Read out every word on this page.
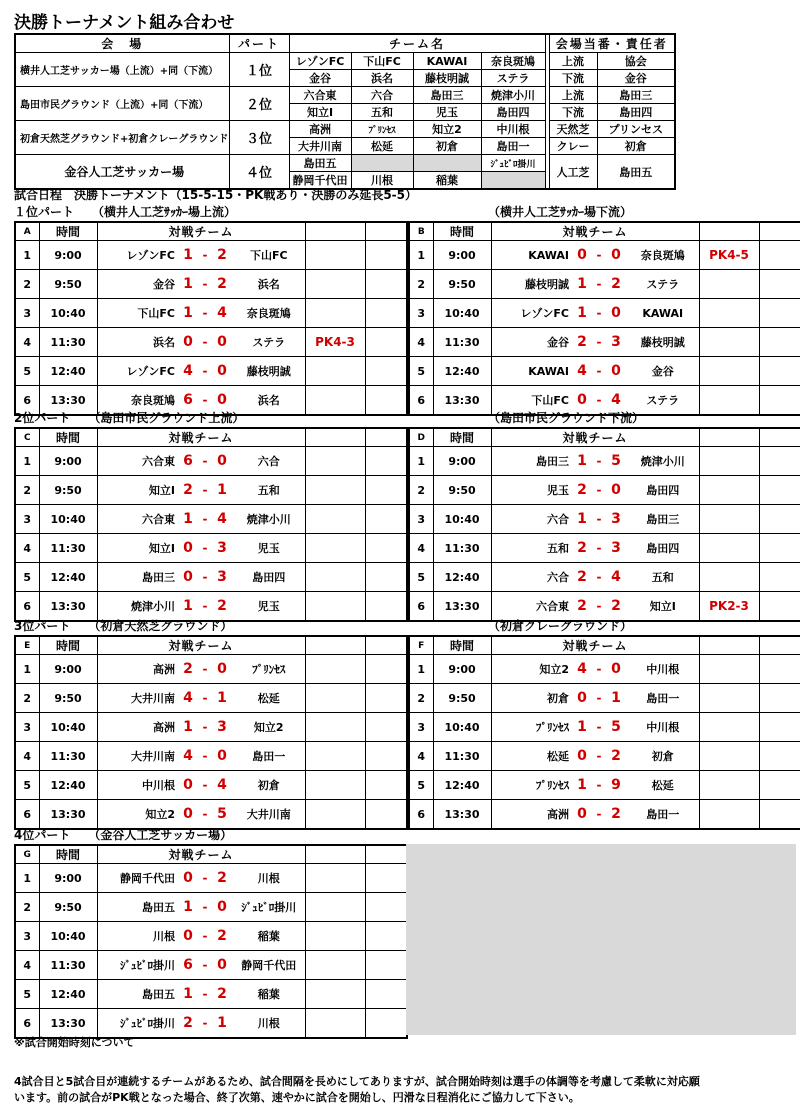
決勝トーナメント組み合わせ
会　場	パート	チーム名					会場当番・責任者	
横井人工芝サッカー場（上流）+同（下流）	１位	レゾンFC	下山FC	KAWAI	奈良斑鳩		上流	協会
		金谷	浜名	藤枝明誠	ステラ		下流	金谷
島田市民グラウンド（上流）+同（下流）	２位	六合東	六合	島田三	焼津小川		上流	島田三
		知立Ⅰ	五和	児玉	島田四		下流	島田四
初倉天然芝グラウンド+初倉クレーグラウンド	３位	高洲	ﾌﾟﾘﾝｾｽ	知立2	中川根		天然芝	プリンセス
		大井川南	松延	初倉	島田一		クレー	初倉
金谷人工芝サッカー場	４位	島田五			ｼﾞｭﾋﾞﾛ掛川		人工芝	島田五
		静岡千代田	川根	稲葉				
試合日程　決勝トーナメント（15-5-15・PK戦あり・決勝のみ延長5-5）
１位パート　　（横井人工芝ｻｯｶｰ場上流）	（横井人工芝ｻｯｶｰ場下流）
A	時間	対戦チーム						
1	9:00	レゾンFC	1	-	2	下山FC		
2	9:50	金谷	1	-	2	浜名		
3	10:40	下山FC	1	-	4	奈良斑鳩		
4	11:30	浜名	0	-	0	ステラ	PK4-3	
5	12:40	レゾンFC	4	-	0	藤枝明誠		
6	13:30	奈良斑鳩	6	-	0	浜名		
B	時間	対戦チーム						
1	9:00	KAWAI	0	-	0	奈良斑鳩	PK4-5	
2	9:50	藤枝明誠	1	-	2	ステラ		
3	10:40	レゾンFC	1	-	0	KAWAI		
4	11:30	金谷	2	-	3	藤枝明誠		
5	12:40	KAWAI	4	-	0	金谷		
6	13:30	下山FC	0	-	4	ステラ		
2位パート　　（島田市民グラウンド上流）	（島田市民グラウンド下流）
C	時間	対戦チーム						
1	9:00	六合東	6	-	0	六合		
2	9:50	知立Ⅰ	2	-	1	五和		
3	10:40	六合東	1	-	4	焼津小川		
4	11:30	知立Ⅰ	0	-	3	児玉		
5	12:40	島田三	0	-	3	島田四		
6	13:30	焼津小川	1	-	2	児玉		
D	時間	対戦チーム						
1	9:00	島田三	1	-	5	焼津小川		
2	9:50	児玉	2	-	0	島田四		
3	10:40	六合	1	-	3	島田三		
4	11:30	五和	2	-	3	島田四		
5	12:40	六合	2	-	4	五和		
6	13:30	六合東	2	-	2	知立Ⅰ	PK2-3	
3位パート　　（初倉天然芝グラウンド）	（初倉クレーグラウンド）
E	時間	対戦チーム						
1	9:00	高洲	2	-	0	ﾌﾟﾘﾝｾｽ		
2	9:50	大井川南	4	-	1	松延		
3	10:40	高洲	1	-	3	知立2		
4	11:30	大井川南	4	-	0	島田一		
5	12:40	中川根	0	-	4	初倉		
6	13:30	知立2	0	-	5	大井川南		
F	時間	対戦チーム						
1	9:00	知立2	4	-	0	中川根		
2	9:50	初倉	0	-	1	島田一		
3	10:40	ﾌﾟﾘﾝｾｽ	1	-	5	中川根		
4	11:30	松延	0	-	2	初倉		
5	12:40	ﾌﾟﾘﾝｾｽ	1	-	9	松延		
6	13:30	高洲	0	-	2	島田一		
4位パート　　（金谷人工芝サッカー場）
G	時間	対戦チーム						
1	9:00	静岡千代田	0	-	2	川根		
2	9:50	島田五	1	-	0	ｼﾞｭﾋﾞﾛ掛川		
3	10:40	川根	0	-	2	稲葉		
4	11:30	ｼﾞｭﾋﾞﾛ掛川	6	-	0	静岡千代田		
5	12:40	島田五	1	-	2	稲葉		
6	13:30	ｼﾞｭﾋﾞﾛ掛川	2	-	1	川根		
※試合開始時刻について
4試合目と5試合目が連続するチームがあるため、試合間隔を長めにしてありますが、試合開始時刻は選手の体調等を考慮して柔軟に対応願
います。前の試合がPK戦となった場合、終了次第、速やかに試合を開始し、円滑な日程消化にご協力して下さい。
